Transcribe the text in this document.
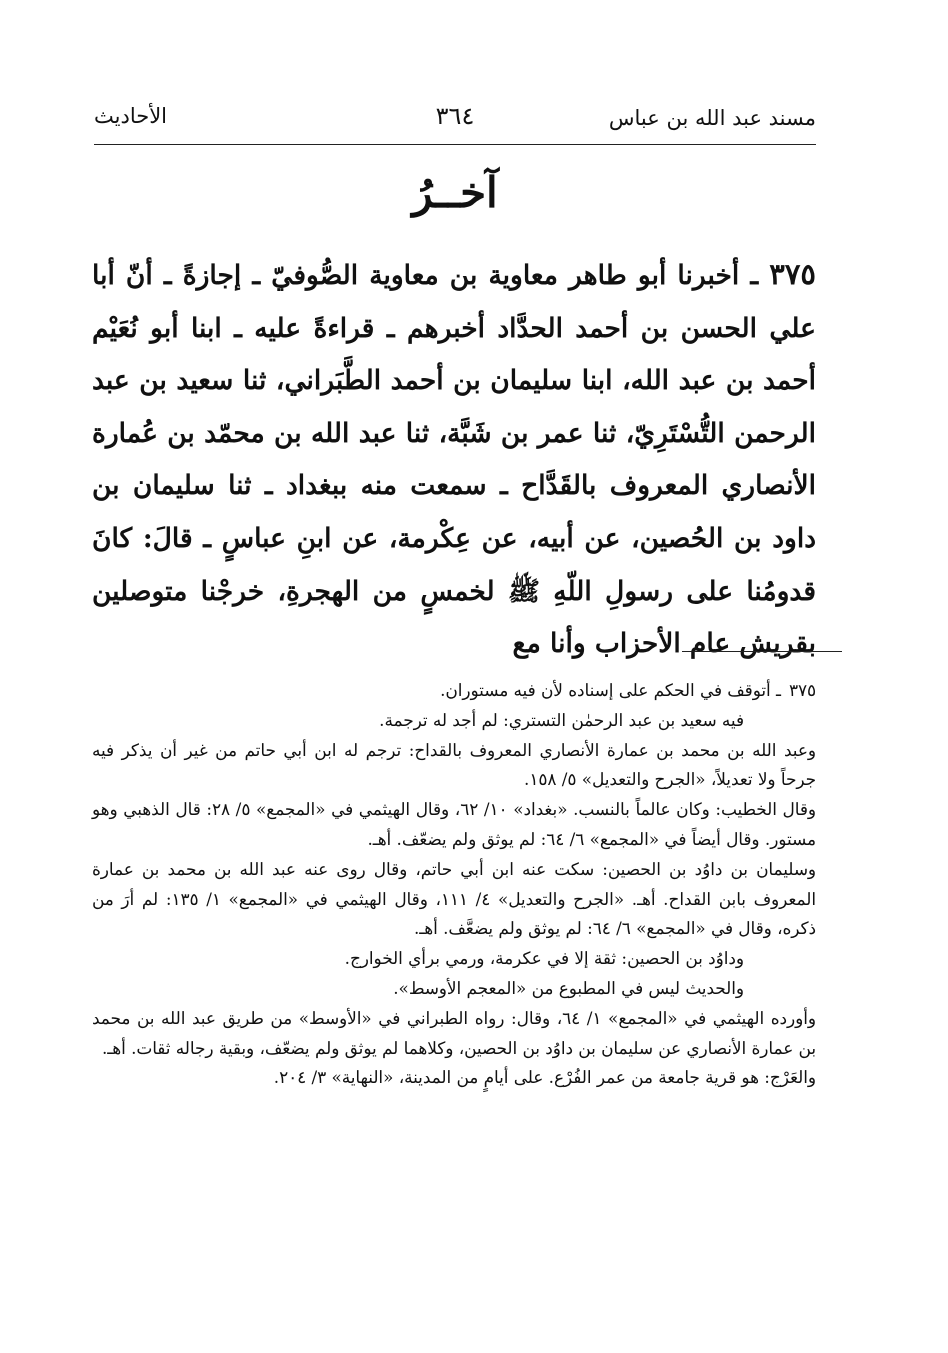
مسند عبد الله بن عباس
٣٦٤
الأحاديث
آخــرُ
٣٧٥ ـ أخبرنا أبو طاهر معاوية بن معاوية الصُّوفيّ ـ إجازةً ـ أنّ أبا علي الحسن بن أحمد الحدَّاد أخبرهم ـ قراءةً عليه ـ ابنا أبو نُعَيْم أحمد بن عبد الله، ابنا سليمان بن أحمد الطَّبَراني، ثنا سعيد بن عبد الرحمن التُّسْتَرِيّ، ثنا عمر بن شَبَّة، ثنا عبد الله بن محمّد بن عُمارة الأنصاري المعروف بالقَدَّاح ـ سمعت منه ببغداد ـ ثنا سليمان بن داود بن الحُصين، عن أبيه، عن عِكْرمة، عن ابنِ عباسٍ ـ قالَ: كانَ قدومُنا على رسولِ اللّهِ ﷺ لخمسٍ من الهجرةِ، خرجْنا متوصلين بقريش عام الأحزاب وأنا مع

٣٧٥ـ أتوقف في الحكم على إسناده لأن فيه مستوران.

فيه سعيد بن عبد الرحمٰن التستري: لم أجد له ترجمة.

وعبد الله بن محمد بن عمارة الأنصاري المعروف بالقداح: ترجم له ابن أبي حاتم من غير أن يذكر فيه جرحاً ولا تعديلاً، «الجرح والتعديل» ٥/ ١٥٨.

وقال الخطيب: وكان عالماً بالنسب. «بغداد» ١٠/ ٦٢، وقال الهيثمي في «المجمع» ٥/ ٢٨: قال الذهبي وهو مستور. وقال أيضاً في «المجمع» ٦/ ٦٤: لم يوثق ولم يضعّف. أهـ.

وسليمان بن داوُد بن الحصين: سكت عنه ابن أبي حاتم، وقال روى عنه عبد الله بن محمد بن عمارة المعروف بابن القداح. أهـ. «الجرح والتعديل» ٤/ ١١١، وقال الهيثمي في «المجمع» ١/ ١٣٥: لم أرَ من ذكره، وقال في «المجمع» ٦/ ٦٤: لم يوثق ولم يضعَّف. أهـ.

وداوُد بن الحصين: ثقة إلا في عكرمة، ورمي برأي الخوارج.

والحديث ليس في المطبوع من «المعجم الأوسط».

وأورده الهيثمي في «المجمع» ١/ ٦٤، وقال: رواه الطبراني في «الأوسط» من طريق عبد الله بن محمد بن عمارة الأنصاري عن سليمان بن داوُد بن الحصين، وكلاهما لم يوثق ولم يضعّف، وبقية رجاله ثقات. أهـ.

والعَرْج: هو قرية جامعة من عمر الفُرْع. على أيامٍ من المدينة، «النهاية» ٣/ ٢٠٤.
